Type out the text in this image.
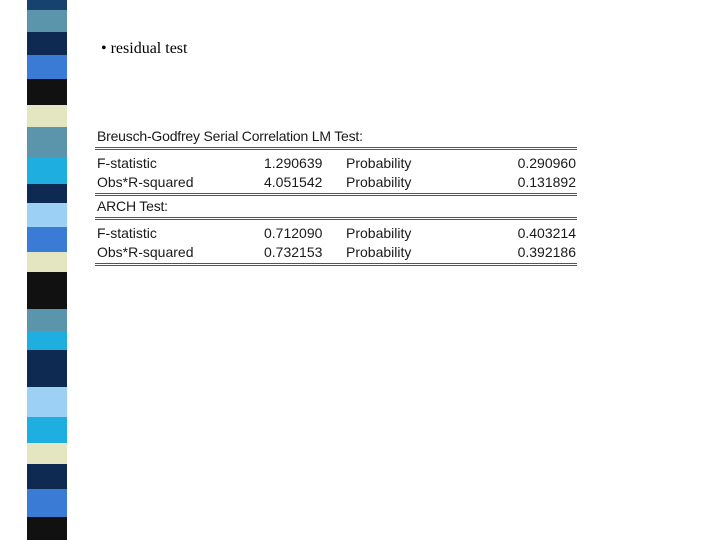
• residual test
Breusch-Godfrey Serial Correlation LM Test:
F-statistic	1.290639 Probability	0.290960
Obs*R-squared	4.051542 Probability	0.131892
ARCH Test:
F-statistic	0.712090 Probability	0.403214
Obs*R-squared	0.732153 Probability	0.392186
